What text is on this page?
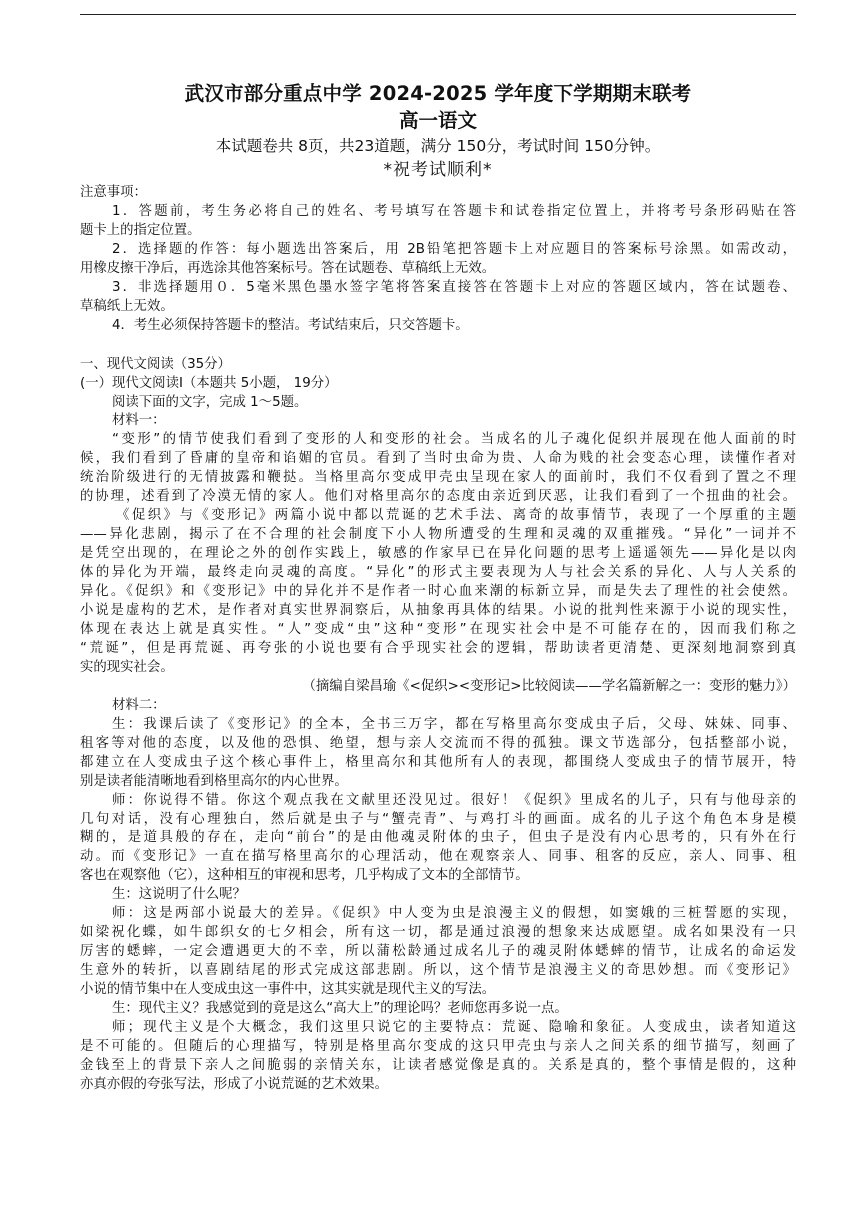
武汉市部分重点中学 2024-2025 学年度下学期期末联考
高一语文
本试题卷共 8页，共23道题，满分 150分，考试时间 150分钟。
*祝考试顺利*
注意事项：
1．答题前，考生务必将自己的姓名、考号填写在答题卡和试卷指定位置上，并将考号条形码贴在答
题卡上的指定位置。
2．选择题的作答：每小题选出答案后，用 2B铅笔把答题卡上对应题目的答案标号涂黑。如需改动，
用橡皮擦干净后，再选涂其他答案标号。答在试题卷、草稿纸上无效。
3．非选择题用０．5毫米黑色墨水签字笔将答案直接答在答题卡上对应的答题区域内，答在试题卷、
草稿纸上无效。
4．考生必须保持答题卡的整洁。考试结束后，只交答题卡。
一、现代文阅读（35分）
(一）现代文阅读Ⅰ（本题共 5小题， 19分）
阅读下面的文字，完成 1～5题。
材料一：
“变形”的情节使我们看到了变形的人和变形的社会。当成名的儿子魂化促织并展现在他人面前的时
候，我们看到了昏庸的皇帝和谄媚的官员。看到了当时虫命为贵、人命为贱的社会变态心理，读懂作者对
统治阶级进行的无情披露和鞭挞。当格里高尔变成甲壳虫呈现在家人的面前时，我们不仅看到了置之不理
的协理，述看到了冷漠无情的家人。他们对格里高尔的态度由亲近到厌恶，让我们看到了一个扭曲的社会。
《促织》与《变形记》两篇小说中都以荒诞的艺术手法、离奇的故事情节，表现了一个厚重的主题
——异化悲剧，揭示了在不合理的社会制度下小人物所遭受的生理和灵魂的双重摧残。“异化”一词并不
是凭空出现的，在理论之外的创作实践上，敏感的作家早已在异化问题的思考上遥遥领先——异化是以肉
体的异化为开端，最终走向灵魂的高度。“异化”的形式主要表现为人与社会关系的异化、人与人关系的
异化。《促织》和《变形记》中的异化并不是作者一时心血来潮的标新立异，而是失去了理性的社会使然。
小说是虚构的艺术，是作者对真实世界洞察后，从抽象再具体的结果。小说的批判性来源于小说的现实性，
体现在表达上就是真实性。“人”变成“虫”这种“变形”在现实社会中是不可能存在的，因而我们称之
“荒诞”，但是再荒诞、再夸张的小说也要有合乎现实社会的逻辑，帮助读者更清楚、更深刻地洞察到真
实的现实社会。
（摘编自梁昌瑜《<促织><变形记>比较阅读——学名篇新解之一：变形的魅力》）
材料二：
生：我课后读了《变形记》的全本，全书三万字，都在写格里高尔变成虫子后，父母、妹妹、同事、
租客等对他的态度，以及他的恐惧、绝望，想与亲人交流而不得的孤独。课文节选部分，包括整部小说，
都建立在人变成虫子这个核心事件上，格里高尔和其他所有人的表现，都围绕人变成虫子的情节展开，特
别是读者能清晰地看到格里高尔的内心世界。
师：你说得不错。你这个观点我在文献里还没见过。很好！《促织》里成名的儿子，只有与他母亲的
几句对话，没有心理独白，然后就是虫子与“蟹壳青”、与鸡打斗的画面。成名的儿子这个角色本身是模
糊的，是道具般的存在，走向“前台”的是由他魂灵附体的虫子，但虫子是没有内心思考的，只有外在行
动。而《变形记》一直在描写格里高尔的心理活动，他在观察亲人、同事、租客的反应，亲人、同事、租
客也在观察他（它），这种相互的审视和思考，几乎构成了文本的全部情节。
生：这说明了什么呢？
师：这是两部小说最大的差异。《促织》中人变为虫是浪漫主义的假想，如窦娥的三桩誓愿的实现，
如梁祝化蝶，如牛郎织女的七夕相会，所有这一切，都是通过浪漫的想象来达成愿望。成名如果没有一只
厉害的蟋蟀，一定会遭遇更大的不幸，所以蒲松龄通过成名儿子的魂灵附体蟋蟀的情节，让成名的命运发
生意外的转折，以喜剧结尾的形式完成这部悲剧。所以，这个情节是浪漫主义的奇思妙想。而《变形记》
小说的情节集中在人变成虫这一事件中，这其实就是现代主义的写法。
生：现代主义？我感觉到的竟是这么“高大上”的理论吗？老师您再多说一点。
师；现代主义是个大概念，我们这里只说它的主要特点：荒诞、隐喻和象征。人变成虫，读者知道这
是不可能的。但随后的心理描写，特别是格里高尔变成的这只甲壳虫与亲人之间关系的细节描写，刻画了
金钱至上的背景下亲人之间脆弱的亲情关东，让读者感觉像是真的。关系是真的，整个事情是假的，这种
亦真亦假的夸张写法，形成了小说荒诞的艺术效果。
